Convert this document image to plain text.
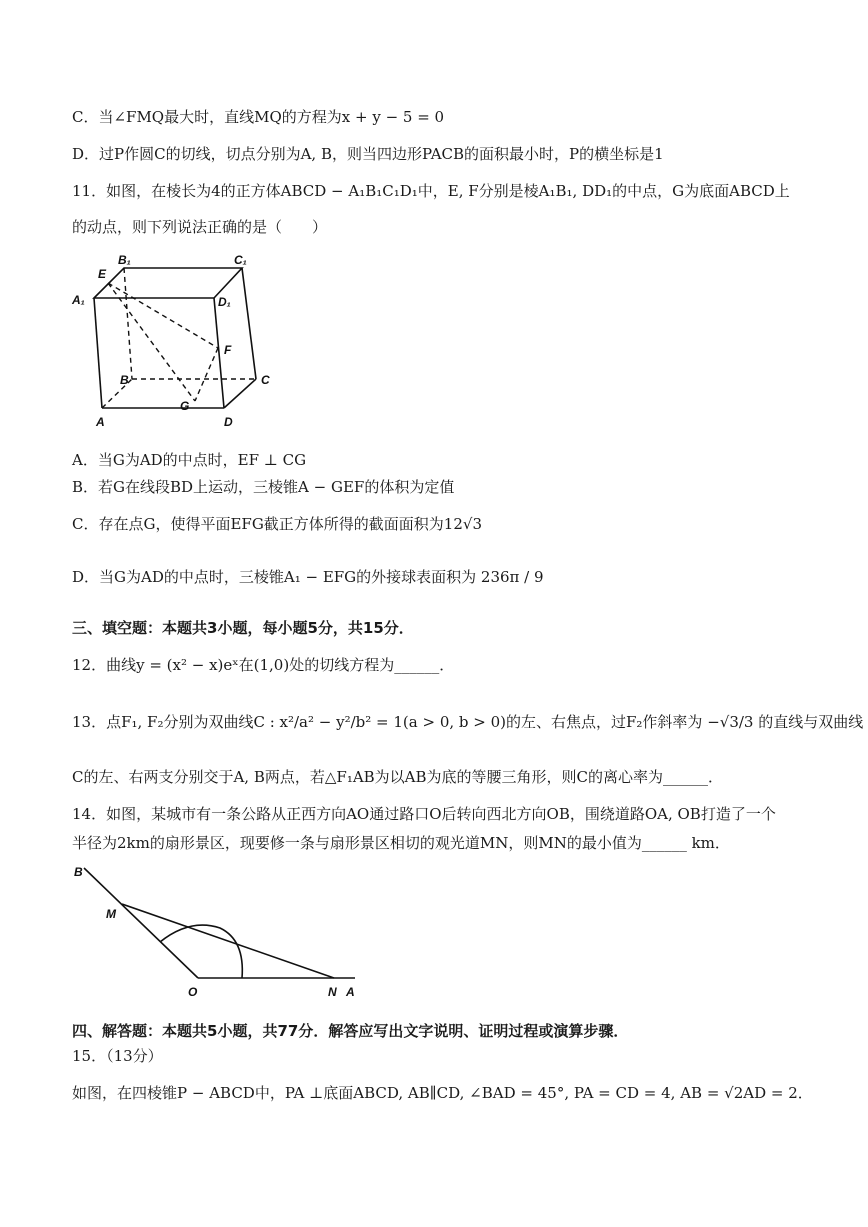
C．当∠FMQ最大时，直线MQ的方程为x + y − 5 = 0
D．过P作圆C的切线，切点分别为A, B，则当四边形PACB的面积最小时，P的横坐标是1
11．如图，在棱长为4的正方体ABCD − A₁B₁C₁D₁中，E, F分别是棱A₁B₁, DD₁的中点，G为底面ABCD上
的动点，则下列说法正确的是（　　）
E
B₁	C₁
A₁	D₁
F
B	C
G
A	D
A．当G为AD的中点时，EF ⊥ CG
B．若G在线段BD上运动，三棱锥A − GEF的体积为定值
C．存在点G，使得平面EFG截正方体所得的截面面积为12√3
D．当G为AD的中点时，三棱锥A₁ − EFG的外接球表面积为 236π / 9
三、填空题：本题共3小题，每小题5分，共15分．
12．曲线y = (x² − x)eˣ在(1,0)处的切线方程为______．
13．点F₁, F₂分别为双曲线C : x²/a² − y²/b² = 1(a > 0, b > 0)的左、右焦点，过F₂作斜率为 −√3/3 的直线与双曲线
C的左、右两支分别交于A, B两点，若△F₁AB为以AB为底的等腰三角形，则C的离心率为______．
14．如图，某城市有一条公路从正西方向AO通过路口O后转向西北方向OB，围绕道路OA, OB打造了一个
半径为2km的扇形景区，现要修一条与扇形景区相切的观光道MN，则MN的最小值为______ km．
B
M
O	N A
四、解答题：本题共5小题，共77分．解答应写出文字说明、证明过程或演算步骤．
15．（13分）
如图，在四棱锥P − ABCD中，PA ⊥底面ABCD, AB∥CD, ∠BAD = 45°, PA = CD = 4, AB = √2AD = 2．
